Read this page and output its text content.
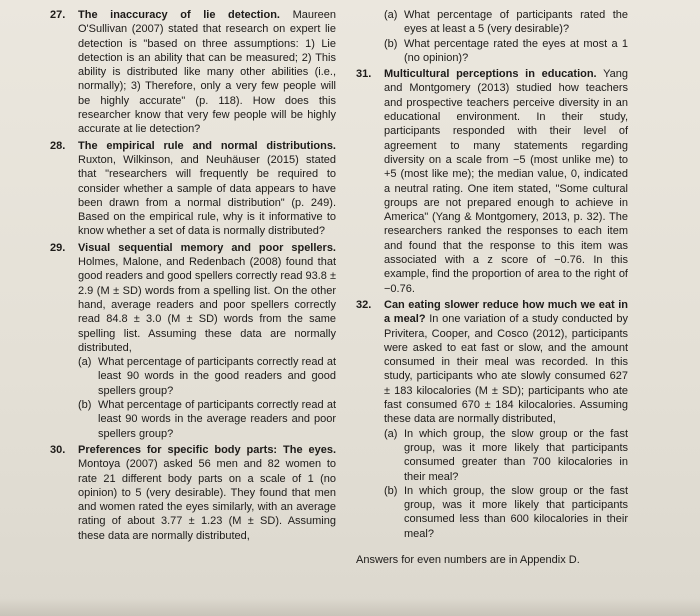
27. The inaccuracy of lie detection. Maureen O'Sullivan (2007) stated that research on expert lie detection is "based on three assumptions: 1) Lie detection is an ability that can be measured; 2) This ability is distributed like many other abilities (i.e., normally); 3) Therefore, only a very few people will be highly accurate" (p. 118). How does this researcher know that very few people will be highly accurate at lie detection?

28. The empirical rule and normal distributions. Ruxton, Wilkinson, and Neuhäuser (2015) stated that "researchers will frequently be required to consider whether a sample of data appears to have been drawn from a normal distribution" (p. 249). Based on the empirical rule, why is it informative to know whether a set of data is normally distributed?

29. Visual sequential memory and poor spellers. Holmes, Malone, and Redenbach (2008) found that good readers and good spellers correctly read 93.8 ± 2.9 (M ± SD) words from a spelling list. On the other hand, average readers and poor spellers correctly read 84.8 ± 3.0 (M ± SD) words from the same spelling list. Assuming these data are normally distributed,

(a) What percentage of participants correctly read at least 90 words in the good readers and good spellers group?

(b) What percentage of participants correctly read at least 90 words in the average readers and poor spellers group?

30. Preferences for specific body parts: The eyes. Montoya (2007) asked 56 men and 82 women to rate 21 different body parts on a scale of 1 (no opinion) to 5 (very desirable). They found that men and women rated the eyes similarly, with an average rating of about 3.77 ± 1.23 (M ± SD). Assuming these data are normally distributed,

(a) What percentage of participants rated the eyes at least a 5 (very desirable)?

(b) What percentage rated the eyes at most a 1 (no opinion)?

31. Multicultural perceptions in education. Yang and Montgomery (2013) studied how teachers and prospective teachers perceive diversity in an educational environment. In their study, participants responded with their level of agreement to many statements regarding diversity on a scale from −5 (most unlike me) to +5 (most like me); the median value, 0, indicated a neutral rating. One item stated, "Some cultural groups are not prepared enough to achieve in America" (Yang & Montgomery, 2013, p. 32). The researchers ranked the responses to each item and found that the response to this item was associated with a z score of −0.76. In this example, find the proportion of area to the right of −0.76.

32. Can eating slower reduce how much we eat in a meal? In one variation of a study conducted by Privitera, Cooper, and Cosco (2012), participants were asked to eat fast or slow, and the amount consumed in their meal was recorded. In this study, participants who ate slowly consumed 627 ± 183 kilocalories (M ± SD); participants who ate fast consumed 670 ± 184 kilocalories. Assuming these data are normally distributed,

(a) In which group, the slow group or the fast group, was it more likely that participants consumed greater than 700 kilocalories in their meal?

(b) In which group, the slow group or the fast group, was it more likely that participants consumed less than 600 kilocalories in their meal?

Answers for even numbers are in Appendix D.
